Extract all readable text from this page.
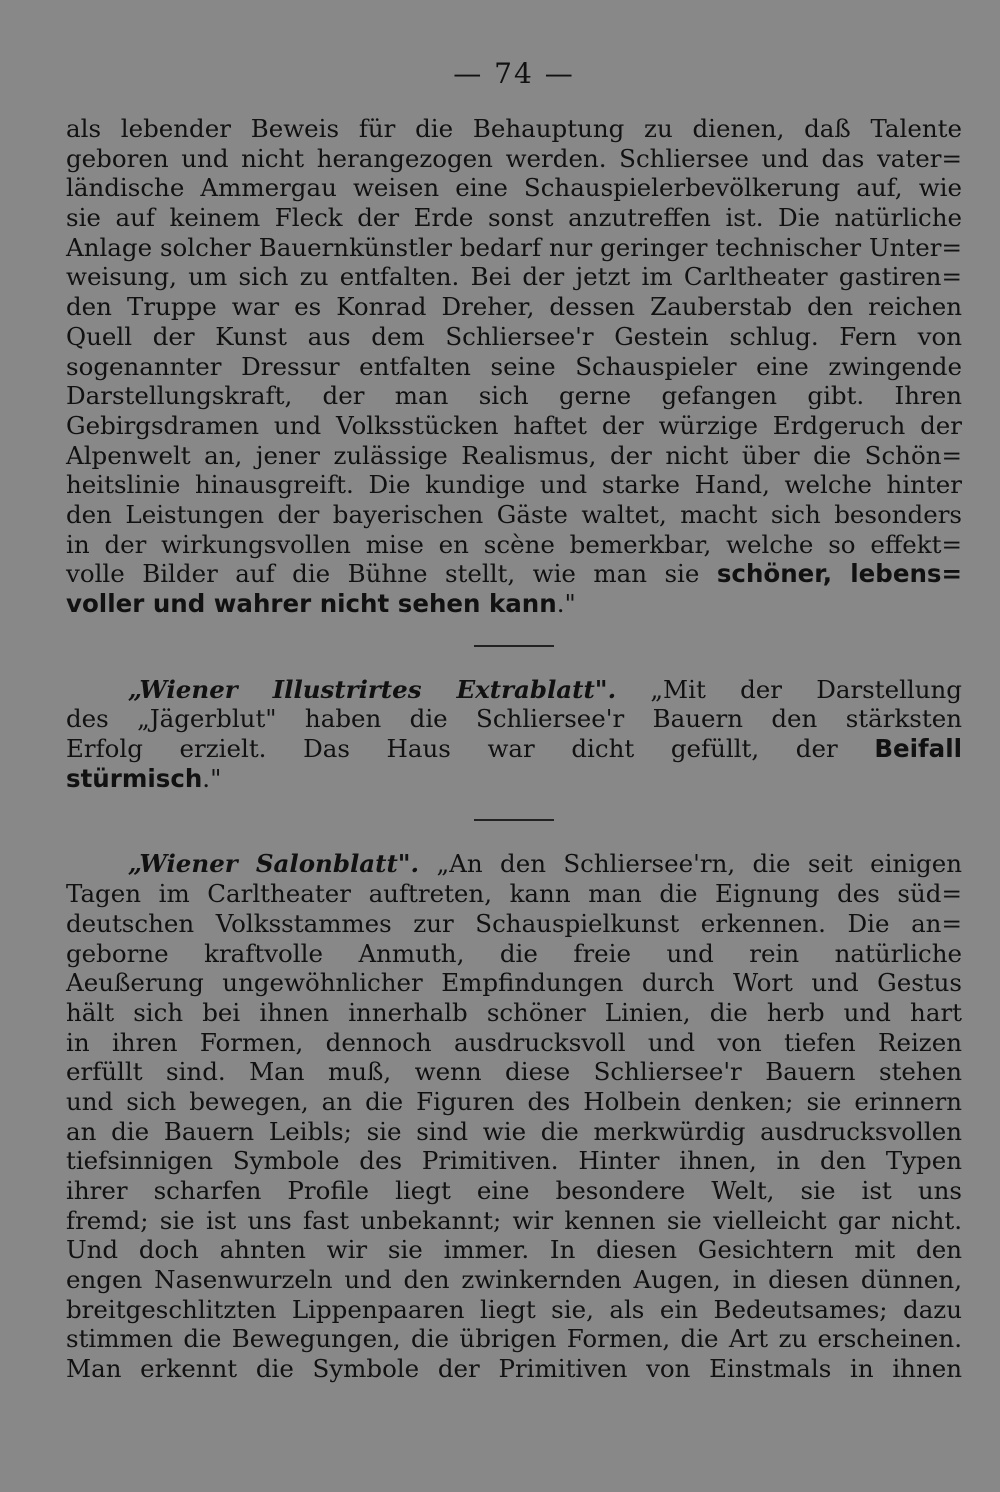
— 74 —
als lebender Beweis für die Behauptung zu dienen, daß Talente
geboren und nicht herangezogen werden. Schliersee und das vater=
ländische Ammergau weisen eine Schauspielerbevölkerung auf, wie
sie auf keinem Fleck der Erde sonst anzutreffen ist. Die natürliche
Anlage solcher Bauernkünstler bedarf nur geringer technischer Unter=
weisung, um sich zu entfalten. Bei der jetzt im Carltheater gastiren=
den Truppe war es Konrad Dreher, dessen Zauberstab den reichen
Quell der Kunst aus dem Schliersee'r Gestein schlug. Fern von
sogenannter Dressur entfalten seine Schauspieler eine zwingende
Darstellungskraft, der man sich gerne gefangen gibt. Ihren
Gebirgsdramen und Volksstücken haftet der würzige Erdgeruch der
Alpenwelt an, jener zulässige Realismus, der nicht über die Schön=
heitslinie hinausgreift. Die kundige und starke Hand, welche hinter
den Leistungen der bayerischen Gäste waltet, macht sich besonders
in der wirkungsvollen mise en scène bemerkbar, welche so effekt=
volle Bilder auf die Bühne stellt, wie man sie schöner, lebens=
voller und wahrer nicht sehen kann."
„Wiener Illustrirtes Extrablatt". „Mit der Darstellung
des „Jägerblut" haben die Schliersee'r Bauern den stärksten
Erfolg erzielt. Das Haus war dicht gefüllt, der Beifall
stürmisch."
„Wiener Salonblatt". „An den Schliersee'rn, die seit einigen
Tagen im Carltheater auftreten, kann man die Eignung des süd=
deutschen Volksstammes zur Schauspielkunst erkennen. Die an=
geborne kraftvolle Anmuth, die freie und rein natürliche
Aeußerung ungewöhnlicher Empfindungen durch Wort und Gestus
hält sich bei ihnen innerhalb schöner Linien, die herb und hart
in ihren Formen, dennoch ausdrucksvoll und von tiefen Reizen
erfüllt sind. Man muß, wenn diese Schliersee'r Bauern stehen
und sich bewegen, an die Figuren des Holbein denken; sie erinnern
an die Bauern Leibls; sie sind wie die merkwürdig ausdrucksvollen
tiefsinnigen Symbole des Primitiven. Hinter ihnen, in den Typen
ihrer scharfen Profile liegt eine besondere Welt, sie ist uns
fremd; sie ist uns fast unbekannt; wir kennen sie vielleicht gar nicht.
Und doch ahnten wir sie immer. In diesen Gesichtern mit den
engen Nasenwurzeln und den zwinkernden Augen, in diesen dünnen,
breitgeschlitzten Lippenpaaren liegt sie, als ein Bedeutsames; dazu
stimmen die Bewegungen, die übrigen Formen, die Art zu erscheinen.
Man erkennt die Symbole der Primitiven von Einstmals in ihnen
